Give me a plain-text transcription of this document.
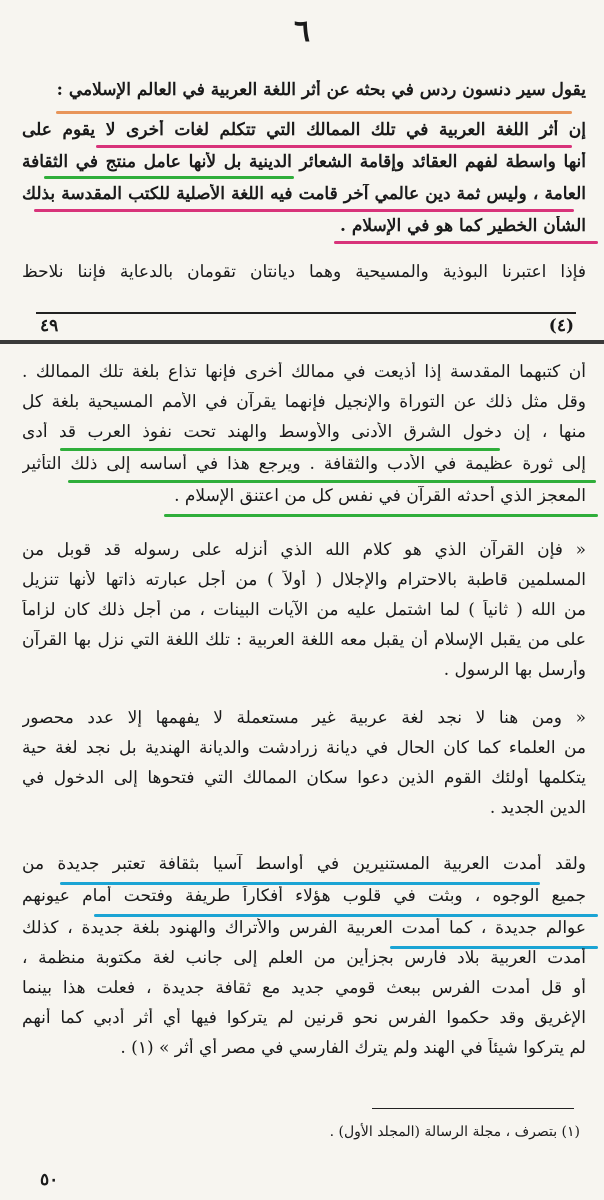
٦
يقول سير دنسون ردس في بحثه عن أثر اللغة العربية في العالم الإسلامي :
إن أثر اللغة العربية في تلك الممالك التي تتكلم لغات أخرى لا يقوم على
أنها واسطة لفهم العقائد وإقامة الشعائر الدينية بل لأنها عامل منتج في الثقافة
العامة ، وليس ثمة دين عالمي آخر قامت فيه اللغة الأصلية للكتب المقدسة بذلك
الشأن الخطير كما هو في الإسلام .
فإذا اعتبرنا البوذية والمسيحية وهما ديانتان تقومان بالدعاية فإننا نلاحظ
٤٩	(٤)
أن كتبهما المقدسة إذا أذيعت في ممالك أخرى فإنها تذاع بلغة تلك الممالك .
وقل مثل ذلك عن التوراة والإنجيل فإنهما يقرآن في الأمم المسيحية بلغة كل
منها ، إن دخول الشرق الأدنى والأوسط والهند تحت نفوذ العرب قد أدى
إلى ثورة عظيمة في الأدب والثقافة . ويرجع هذا في أساسه إلى ذلك التأثير
المعجز الذي أحدثه القرآن في نفس كل من اعتنق الإسلام .
« فإن القرآن الذي هو كلام الله الذي أنزله على رسوله قد قوبل من
المسلمين قاطبة بالاحترام والإجلال ( أولاً ) من أجل عبارته ذاتها لأنها تنزيل
من الله ( ثانياً ) لما اشتمل عليه من الآيات البينات ، من أجل ذلك كان لزاماً
على من يقبل الإسلام أن يقبل معه اللغة العربية : تلك اللغة التي نزل بها القرآن
وأرسل بها الرسول .
« ومن هنا لا نجد لغة عربية غير مستعملة لا يفهمها إلا عدد محصور
من العلماء كما كان الحال في ديانة زرادشت والديانة الهندية بل نجد لغة حية
يتكلمها أولئك القوم الذين دعوا سكان الممالك التي فتحوها إلى الدخول في
الدين الجديد .
ولقد أمدت العربية المستنيرين في أواسط آسيا بثقافة تعتبر جديدة من
جميع الوجوه ، وبثت في قلوب هؤلاء أفكاراً طريفة وفتحت أمام عيونهم
عوالم جديدة ، كما أمدت العربية الفرس والأتراك والهنود بلغة جديدة ، كذلك
أمدت العربية بلاد فارس بجزأين من العلم إلى جانب لغة مكتوبة منظمة ،
أو قل أمدت الفرس ببعث قومي جديد مع ثقافة جديدة ، فعلت هذا بينما
الإغريق وقد حكموا الفرس نحو قرنين لم يتركوا فيها أي أثر أدبي كما أنهم
لم يتركوا شيئاً في الهند ولم يترك الفارسي في مصر أي أثر » (١) .
(١) بتصرف ، مجلة الرسالة (المجلد الأول) .
٥٠
